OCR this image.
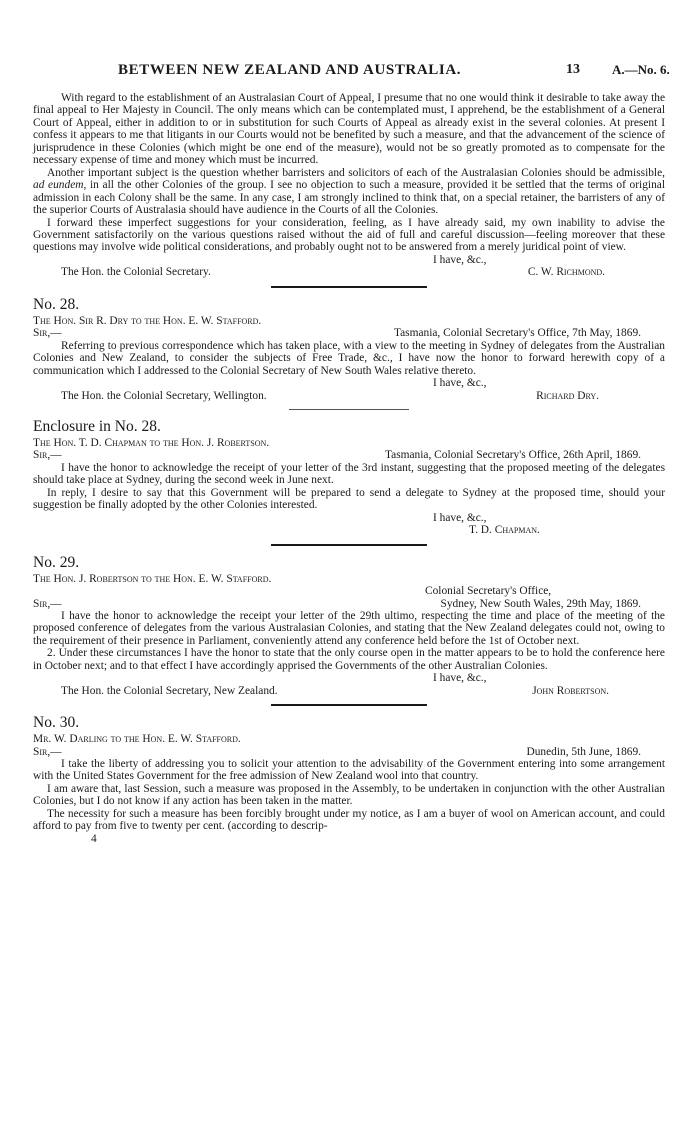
BETWEEN NEW ZEALAND AND AUSTRALIA.	13 A.—No. 6.

With regard to the establishment of an Australasian Court of Appeal, I presume that no one would think it desirable to take away the final appeal to Her Majesty in Council. The only means which can be contemplated must, I apprehend, be the establishment of a General Court of Appeal, either in addition to or in substitution for such Courts of Appeal as already exist in the several colonies. At present I confess it appears to me that litigants in our Courts would not be benefited by such a measure, and that the advancement of the science of jurisprudence in these Colonies (which might be one end of the measure), would not be so greatly promoted as to compensate for the necessary expense of time and money which must be incurred.

Another important subject is the question whether barristers and solicitors of each of the Australasian Colonies should be admissible, ad eundem, in all the other Colonies of the group. I see no objection to such a measure, provided it be settled that the terms of original admission in each Colony shall be the same. In any case, I am strongly inclined to think that, on a special retainer, the barristers of any of the superior Courts of Australasia should have audience in the Courts of all the Colonies.

I forward these imperfect suggestions for your consideration, feeling, as I have already said, my own inability to advise the Government satisfactorily on the various questions raised without the aid of full and careful discussion—feeling moreover that these questions may involve wide political considerations, and probably ought not to be answered from a merely juridical point of view.

I have, &c.,

The Hon. the Colonial Secretary.	C. W. Richmond.

No. 28.

The Hon. Sir R. Dry to the Hon. E. W. Stafford.

Sir,—	Tasmania, Colonial Secretary's Office, 7th May, 1869.

Referring to previous correspondence which has taken place, with a view to the meeting in Sydney of delegates from the Australian Colonies and New Zealand, to consider the subjects of Free Trade, &c., I have now the honor to forward herewith copy of a communication which I addressed to the Colonial Secretary of New South Wales relative thereto.

I have, &c.,

The Hon. the Colonial Secretary, Wellington.	Richard Dry.

Enclosure in No. 28.

The Hon. T. D. Chapman to the Hon. J. Robertson.

Sir,—	Tasmania, Colonial Secretary's Office, 26th April, 1869.

I have the honor to acknowledge the receipt of your letter of the 3rd instant, suggesting that the proposed meeting of the delegates should take place at Sydney, during the second week in June next.

In reply, I desire to say that this Government will be prepared to send a delegate to Sydney at the proposed time, should your suggestion be finally adopted by the other Colonies interested.

I have, &c.,

T. D. Chapman.

No. 29.

The Hon. J. Robertson to the Hon. E. W. Stafford.

Colonial Secretary's Office,

Sir,—	Sydney, New South Wales, 29th May, 1869.

I have the honor to acknowledge the receipt your letter of the 29th ultimo, respecting the time and place of the meeting of the proposed conference of delegates from the various Australasian Colonies, and stating that the New Zealand delegates could not, owing to the requirement of their presence in Parliament, conveniently attend any conference held before the 1st of October next.

2. Under these circumstances I have the honor to state that the only course open in the matter appears to be to hold the conference here in October next; and to that effect I have accordingly apprised the Governments of the other Australian Colonies.

I have, &c.,

The Hon. the Colonial Secretary, New Zealand.	John Robertson.

No. 30.

Mr. W. Darling to the Hon. E. W. Stafford.

Sir,—	Dunedin, 5th June, 1869.

I take the liberty of addressing you to solicit your attention to the advisability of the Government entering into some arrangement with the United States Government for the free admission of New Zealand wool into that country.

I am aware that, last Session, such a measure was proposed in the Assembly, to be undertaken in conjunction with the other Australian Colonies, but I do not know if any action has been taken in the matter.

The necessity for such a measure has been forcibly brought under my notice, as I am a buyer of wool on American account, and could afford to pay from five to twenty per cent. (according to descrip-

4
